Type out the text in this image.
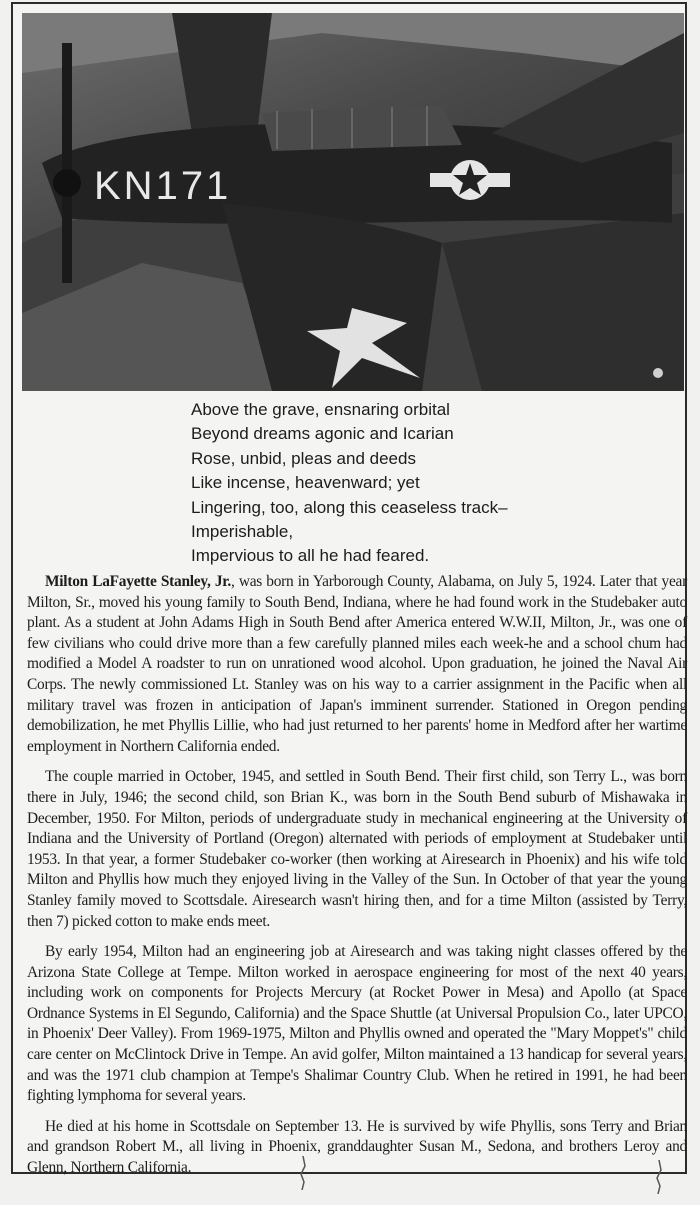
KN171
Above the grave, ensnaring orbital
Beyond dreams agonic and Icarian
Rose, unbid, pleas and deeds
Like incense, heavenward; yet
Lingering, too, along this ceaseless track–
Imperishable,
Impervious to all he had feared.

Milton LaFayette Stanley, Jr., was born in Yarborough County, Alabama, on July 5, 1924. Later that year Milton, Sr., moved his young family to South Bend, Indiana, where he had found work in the Studebaker auto plant. As a student at John Adams High in South Bend after America entered W.W.II, Milton, Jr., was one of few civilians who could drive more than a few carefully planned miles each week-he and a school chum had modified a Model A roadster to run on unrationed wood alcohol. Upon graduation, he joined the Naval Air Corps. The newly commissioned Lt. Stanley was on his way to a carrier assignment in the Pacific when all military travel was frozen in anticipation of Japan's imminent surrender. Stationed in Oregon pending demobilization, he met Phyllis Lillie, who had just returned to her parents' home in Medford after her wartime employment in Northern California ended.

The couple married in October, 1945, and settled in South Bend. Their first child, son Terry L., was born there in July, 1946; the second child, son Brian K., was born in the South Bend suburb of Mishawaka in December, 1950. For Milton, periods of undergraduate study in mechanical engineering at the University of Indiana and the University of Portland (Oregon) alternated with periods of employment at Studebaker until 1953. In that year, a former Studebaker co-worker (then working at Airesearch in Phoenix) and his wife told Milton and Phyllis how much they enjoyed living in the Valley of the Sun. In October of that year the young Stanley family moved to Scottsdale. Airesearch wasn't hiring then, and for a time Milton (assisted by Terry, then 7) picked cotton to make ends meet.

By early 1954, Milton had an engineering job at Airesearch and was taking night classes offered by the Arizona State College at Tempe. Milton worked in aerospace engineering for most of the next 40 years, including work on components for Projects Mercury (at Rocket Power in Mesa) and Apollo (at Space Ordnance Systems in El Segundo, California) and the Space Shuttle (at Universal Propulsion Co., later UPCO, in Phoenix' Deer Valley). From 1969-1975, Milton and Phyllis owned and operated the "Mary Moppet's" child care center on McClintock Drive in Tempe. An avid golfer, Milton maintained a 13 handicap for several years, and was the 1971 club champion at Tempe's Shalimar Country Club. When he retired in 1991, he had been fighting lymphoma for several years.

He died at his home in Scottsdale on September 13. He is survived by wife Phyllis, sons Terry and Brian and grandson Robert M., all living in Phoenix, granddaughter Susan M., Sedona, and brothers Leroy and Glenn, Northern California.
